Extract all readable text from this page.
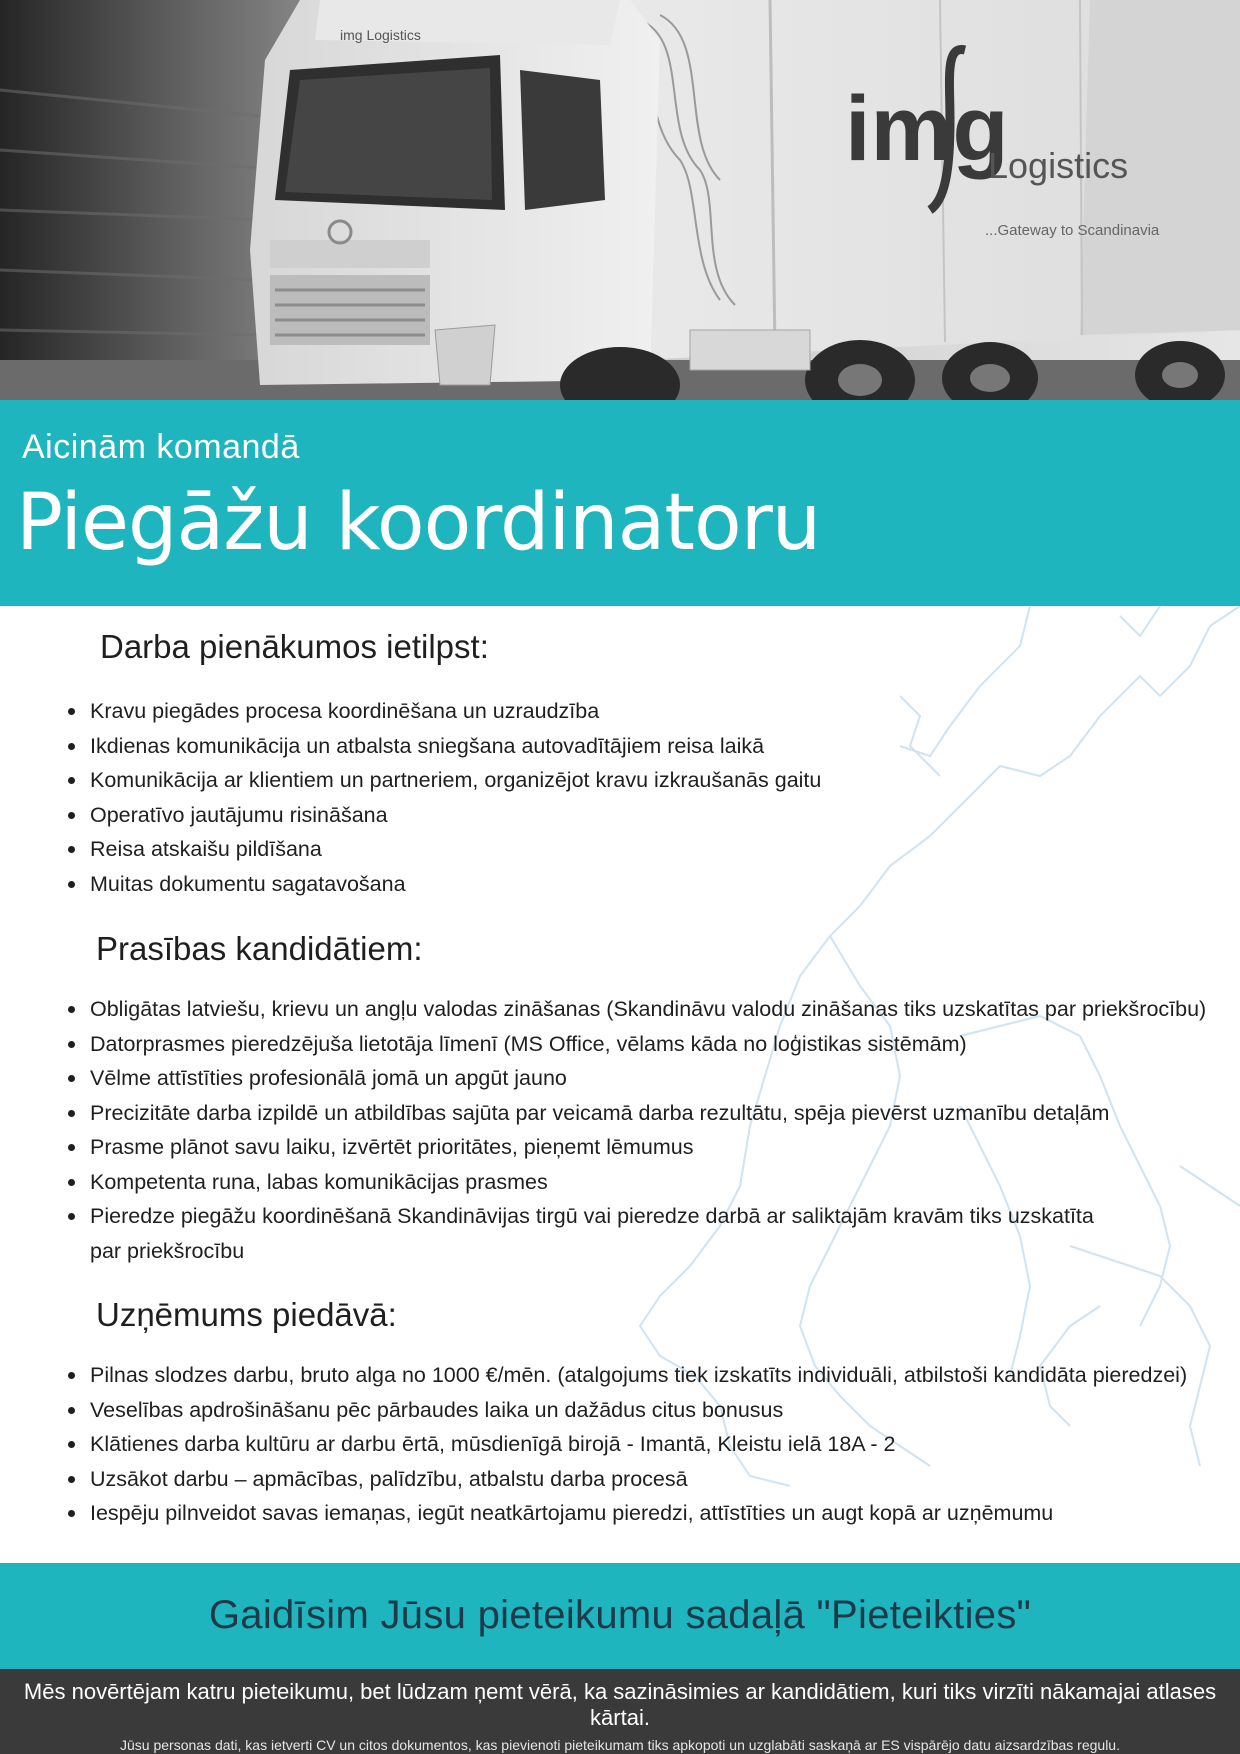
img
Logistics
...Gateway to Scandinavia
img Logistics
Aicinām komandā
Piegāžu koordinatoru
Darba pienākumos ietilpst:
Kravu piegādes procesa koordinēšana un uzraudzība
Ikdienas komunikācija un atbalsta sniegšana autovadītājiem reisa laikā
Komunikācija ar klientiem un partneriem, organizējot kravu izkraušanās gaitu
Operatīvo jautājumu risināšana
Reisa atskaišu pildīšana
Muitas dokumentu sagatavošana
Prasības kandidātiem:
Obligātas latviešu, krievu un angļu valodas zināšanas (Skandināvu valodu zināšanas tiks uzskatītas par priekšrocību)
Datorprasmes pieredzējuša lietotāja līmenī (MS Office, vēlams kāda no loģistikas sistēmām)
Vēlme attīstīties profesionālā jomā un apgūt jauno
Precizitāte darba izpildē un atbildības sajūta par veicamā darba rezultātu, spēja pievērst uzmanību detaļām
Prasme plānot savu laiku, izvērtēt prioritātes, pieņemt lēmumus
Kompetenta runa, labas komunikācijas prasmes
Pieredze piegāžu koordinēšanā Skandināvijas tirgū vai pieredze darbā ar saliktajām kravām tiks uzskatīta par priekšrocību
Uzņēmums piedāvā:
Pilnas slodzes darbu, bruto alga no 1000 €/mēn. (atalgojums tiek izskatīts individuāli, atbilstoši kandidāta pieredzei)
Veselības apdrošināšanu pēc pārbaudes laika un dažādus citus bonusus
Klātienes darba kultūru ar darbu ērtā, mūsdienīgā birojā - Imantā, Kleistu ielā 18A - 2
Uzsākot darbu – apmācības, palīdzību, atbalstu darba procesā
Iespēju pilnveidot savas iemaņas, iegūt neatkārtojamu pieredzi, attīstīties un augt kopā ar uzņēmumu
Gaidīsim Jūsu pieteikumu sadaļā "Pieteikties"
Mēs novērtējam katru pieteikumu, bet lūdzam ņemt vērā, ka sazināsimies ar kandidātiem, kuri tiks virzīti nākamajai atlases kārtai.
Jūsu personas dati, kas ietverti CV un citos dokumentos, kas pievienoti pieteikumam tiks apkopoti un uzglabāti saskaņā ar ES vispārējo datu aizsardzības regulu.
